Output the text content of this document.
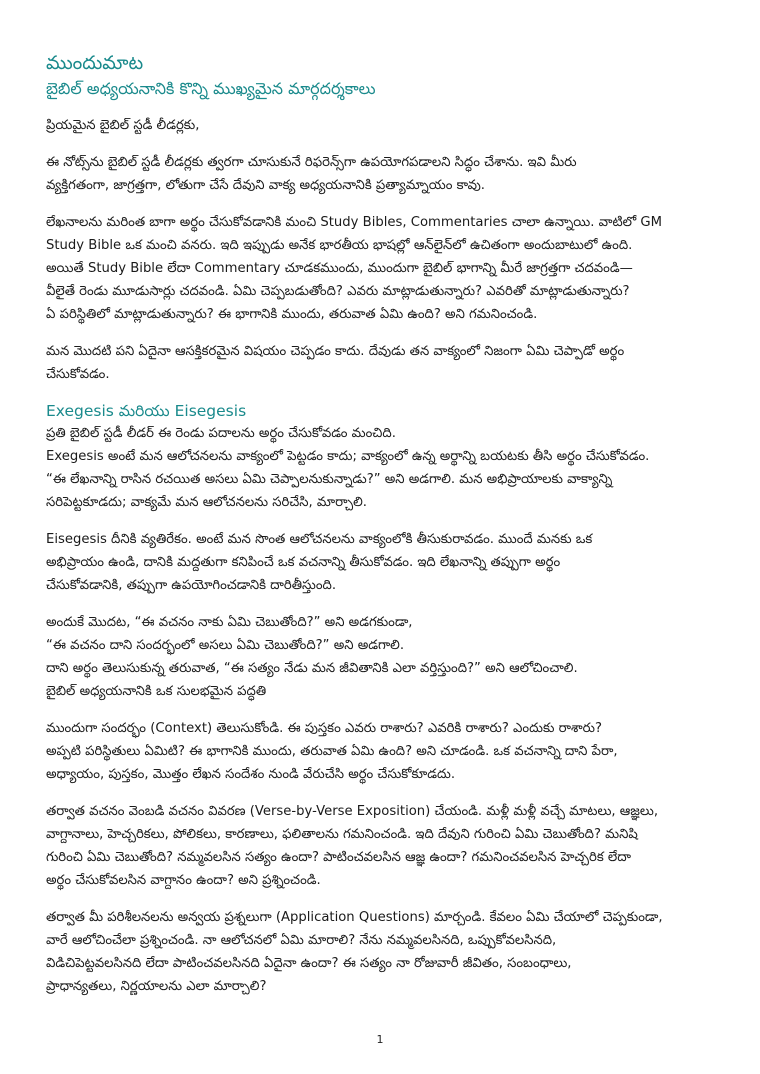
ముందుమాట
బైబిల్ అధ్యయనానికి కొన్ని ముఖ్యమైన మార్గదర్శకాలు

ప్రియమైన బైబిల్ స్టడీ లీడర్లకు,

ఈ నోట్స్‌ను బైబిల్ స్టడీ లీడర్లకు త్వరగా చూసుకునే రిఫరెన్స్‌గా ఉపయోగపడాలని సిద్ధం చేశాను. ఇవి మీరు
వ్యక్తిగతంగా, జాగ్రత్తగా, లోతుగా చేసే దేవుని వాక్య అధ్యయనానికి ప్రత్యామ్నాయం కావు.

లేఖనాలను మరింత బాగా అర్థం చేసుకోవడానికి మంచి Study Bibles, Commentaries చాలా ఉన్నాయి. వాటిలో GM
Study Bible ఒక మంచి వనరు. ఇది ఇప్పుడు అనేక భారతీయ భాషల్లో ఆన్‌లైన్‌లో ఉచితంగా అందుబాటులో ఉంది.
అయితే Study Bible లేదా Commentary చూడకముందు, ముందుగా బైబిల్ భాగాన్ని మీరే జాగ్రత్తగా చదవండి—
వీలైతే రెండు మూడుసార్లు చదవండి. ఏమి చెప్పబడుతోంది? ఎవరు మాట్లాడుతున్నారు? ఎవరితో మాట్లాడుతున్నారు?
ఏ పరిస్థితిలో మాట్లాడుతున్నారు? ఈ భాగానికి ముందు, తరువాత ఏమి ఉంది? అని గమనించండి.

మన మొదటి పని ఏదైనా ఆసక్తికరమైన విషయం చెప్పడం కాదు. దేవుడు తన వాక్యంలో నిజంగా ఏమి చెప్పాడో అర్థం
చేసుకోవడం.

Exegesis మరియు Eisegesis

ప్రతి బైబిల్ స్టడీ లీడర్ ఈ రెండు పదాలను అర్థం చేసుకోవడం మంచిది.
Exegesis అంటే మన ఆలోచనలను వాక్యంలో పెట్టడం కాదు; వాక్యంలో ఉన్న అర్థాన్ని బయటకు తీసి అర్థం చేసుకోవడం.
“ఈ లేఖనాన్ని రాసిన రచయిత అసలు ఏమి చెప్పాలనుకున్నాడు?” అని అడగాలి. మన అభిప్రాయాలకు వాక్యాన్ని
సరిపెట్టకూడదు; వాక్యమే మన ఆలోచనలను సరిచేసి, మార్చాలి.

Eisegesis దీనికి వ్యతిరేకం. అంటే మన సొంత ఆలోచనలను వాక్యంలోకి తీసుకురావడం. ముందే మనకు ఒక
అభిప్రాయం ఉండి, దానికి మద్దతుగా కనిపించే ఒక వచనాన్ని తీసుకోవడం. ఇది లేఖనాన్ని తప్పుగా అర్థం
చేసుకోవడానికి, తప్పుగా ఉపయోగించడానికి దారితీస్తుంది.

అందుకే మొదట, “ఈ వచనం నాకు ఏమి చెబుతోంది?” అని అడగకుండా,
“ఈ వచనం దాని సందర్భంలో అసలు ఏమి చెబుతోంది?” అని అడగాలి.
దాని అర్థం తెలుసుకున్న తరువాత, “ఈ సత్యం నేడు మన జీవితానికి ఎలా వర్తిస్తుంది?” అని ఆలోచించాలి.
బైబిల్ అధ్యయనానికి ఒక సులభమైన పద్ధతి

ముందుగా సందర్భం (Context) తెలుసుకోండి. ఈ పుస్తకం ఎవరు రాశారు? ఎవరికి రాశారు? ఎందుకు రాశారు?
అప్పటి పరిస్థితులు ఏమిటి? ఈ భాగానికి ముందు, తరువాత ఏమి ఉంది? అని చూడండి. ఒక వచనాన్ని దాని పేరా,
అధ్యాయం, పుస్తకం, మొత్తం లేఖన సందేశం నుండి వేరుచేసి అర్థం చేసుకోకూడదు.

తర్వాత వచనం వెంబడి వచనం వివరణ (Verse-by-Verse Exposition) చేయండి. మళ్లీ మళ్లీ వచ్చే మాటలు, ఆజ్ఞలు,
వాగ్దానాలు, హెచ్చరికలు, పోలికలు, కారణాలు, ఫలితాలను గమనించండి. ఇది దేవుని గురించి ఏమి చెబుతోంది? మనిషి
గురించి ఏమి చెబుతోంది? నమ్మవలసిన సత్యం ఉందా? పాటించవలసిన ఆజ్ఞ ఉందా? గమనించవలసిన హెచ్చరిక లేదా
అర్థం చేసుకోవలసిన వాగ్దానం ఉందా? అని ప్రశ్నించండి.

తర్వాత మీ పరిశీలనలను అన్వయ ప్రశ్నలుగా (Application Questions) మార్చండి. కేవలం ఏమి చేయాలో చెప్పకుండా,
వారే ఆలోచించేలా ప్రశ్నించండి. నా ఆలోచనలో ఏమి మారాలి? నేను నమ్మవలసినది, ఒప్పుకోవలసినది,
విడిచిపెట్టవలసినది లేదా పాటించవలసినది ఏదైనా ఉందా? ఈ సత్యం నా రోజువారీ జీవితం, సంబంధాలు,
ప్రాధాన్యతలు, నిర్ణయాలను ఎలా మార్చాలి?

1
